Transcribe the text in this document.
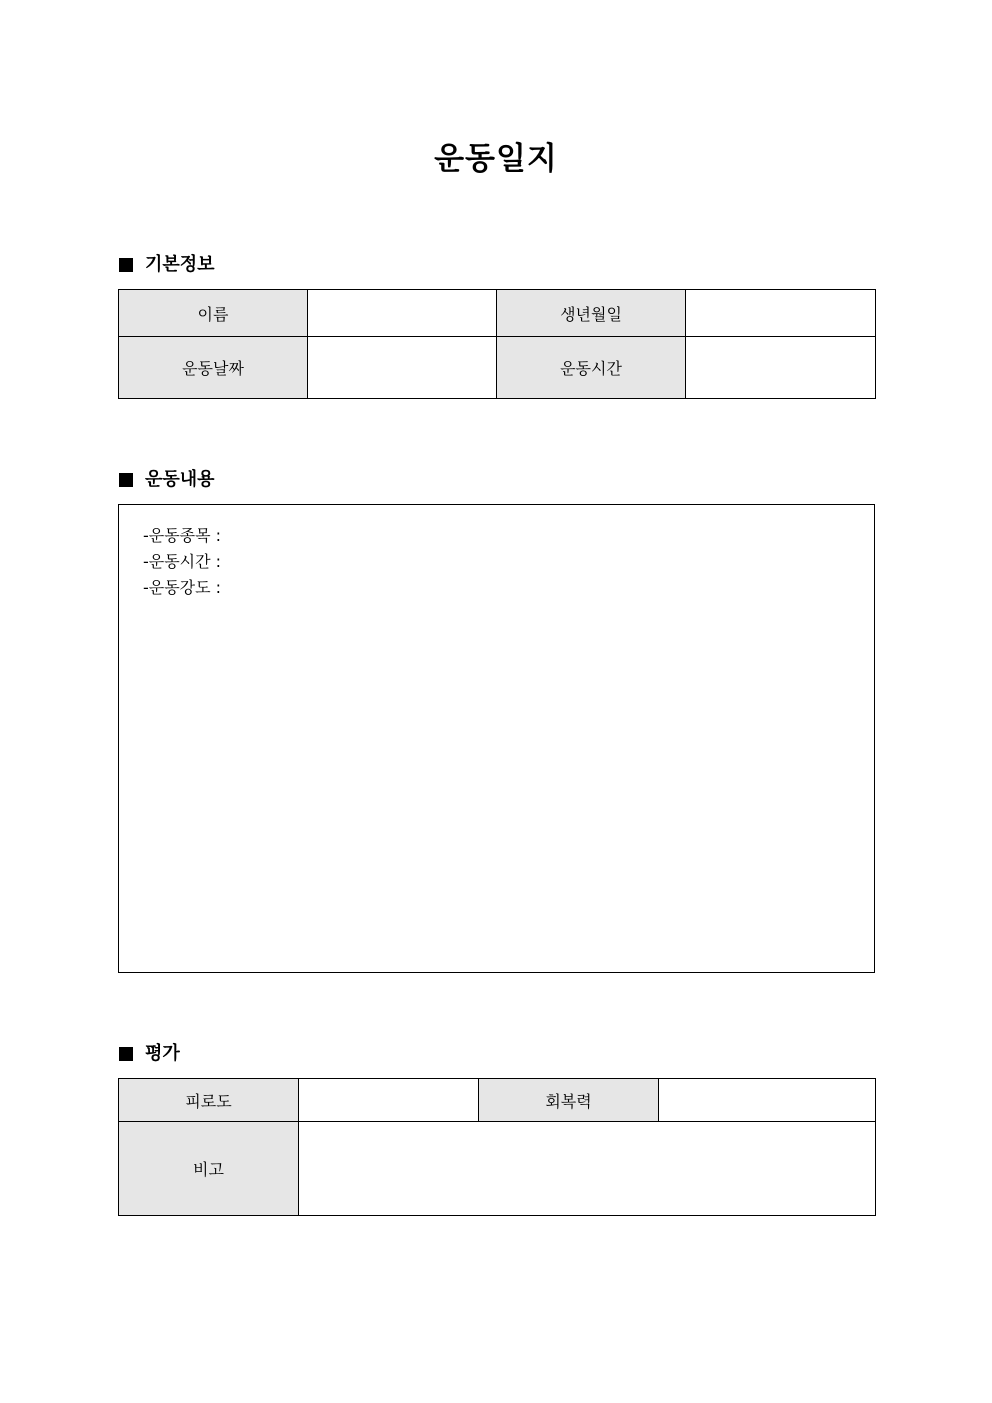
운동일지
기본정보
이름		생년월일	
운동날짜		운동시간	
운동내용
-운동종목 :
-운동시간 :
-운동강도 :
평가
피로도		회복력	
비고			
